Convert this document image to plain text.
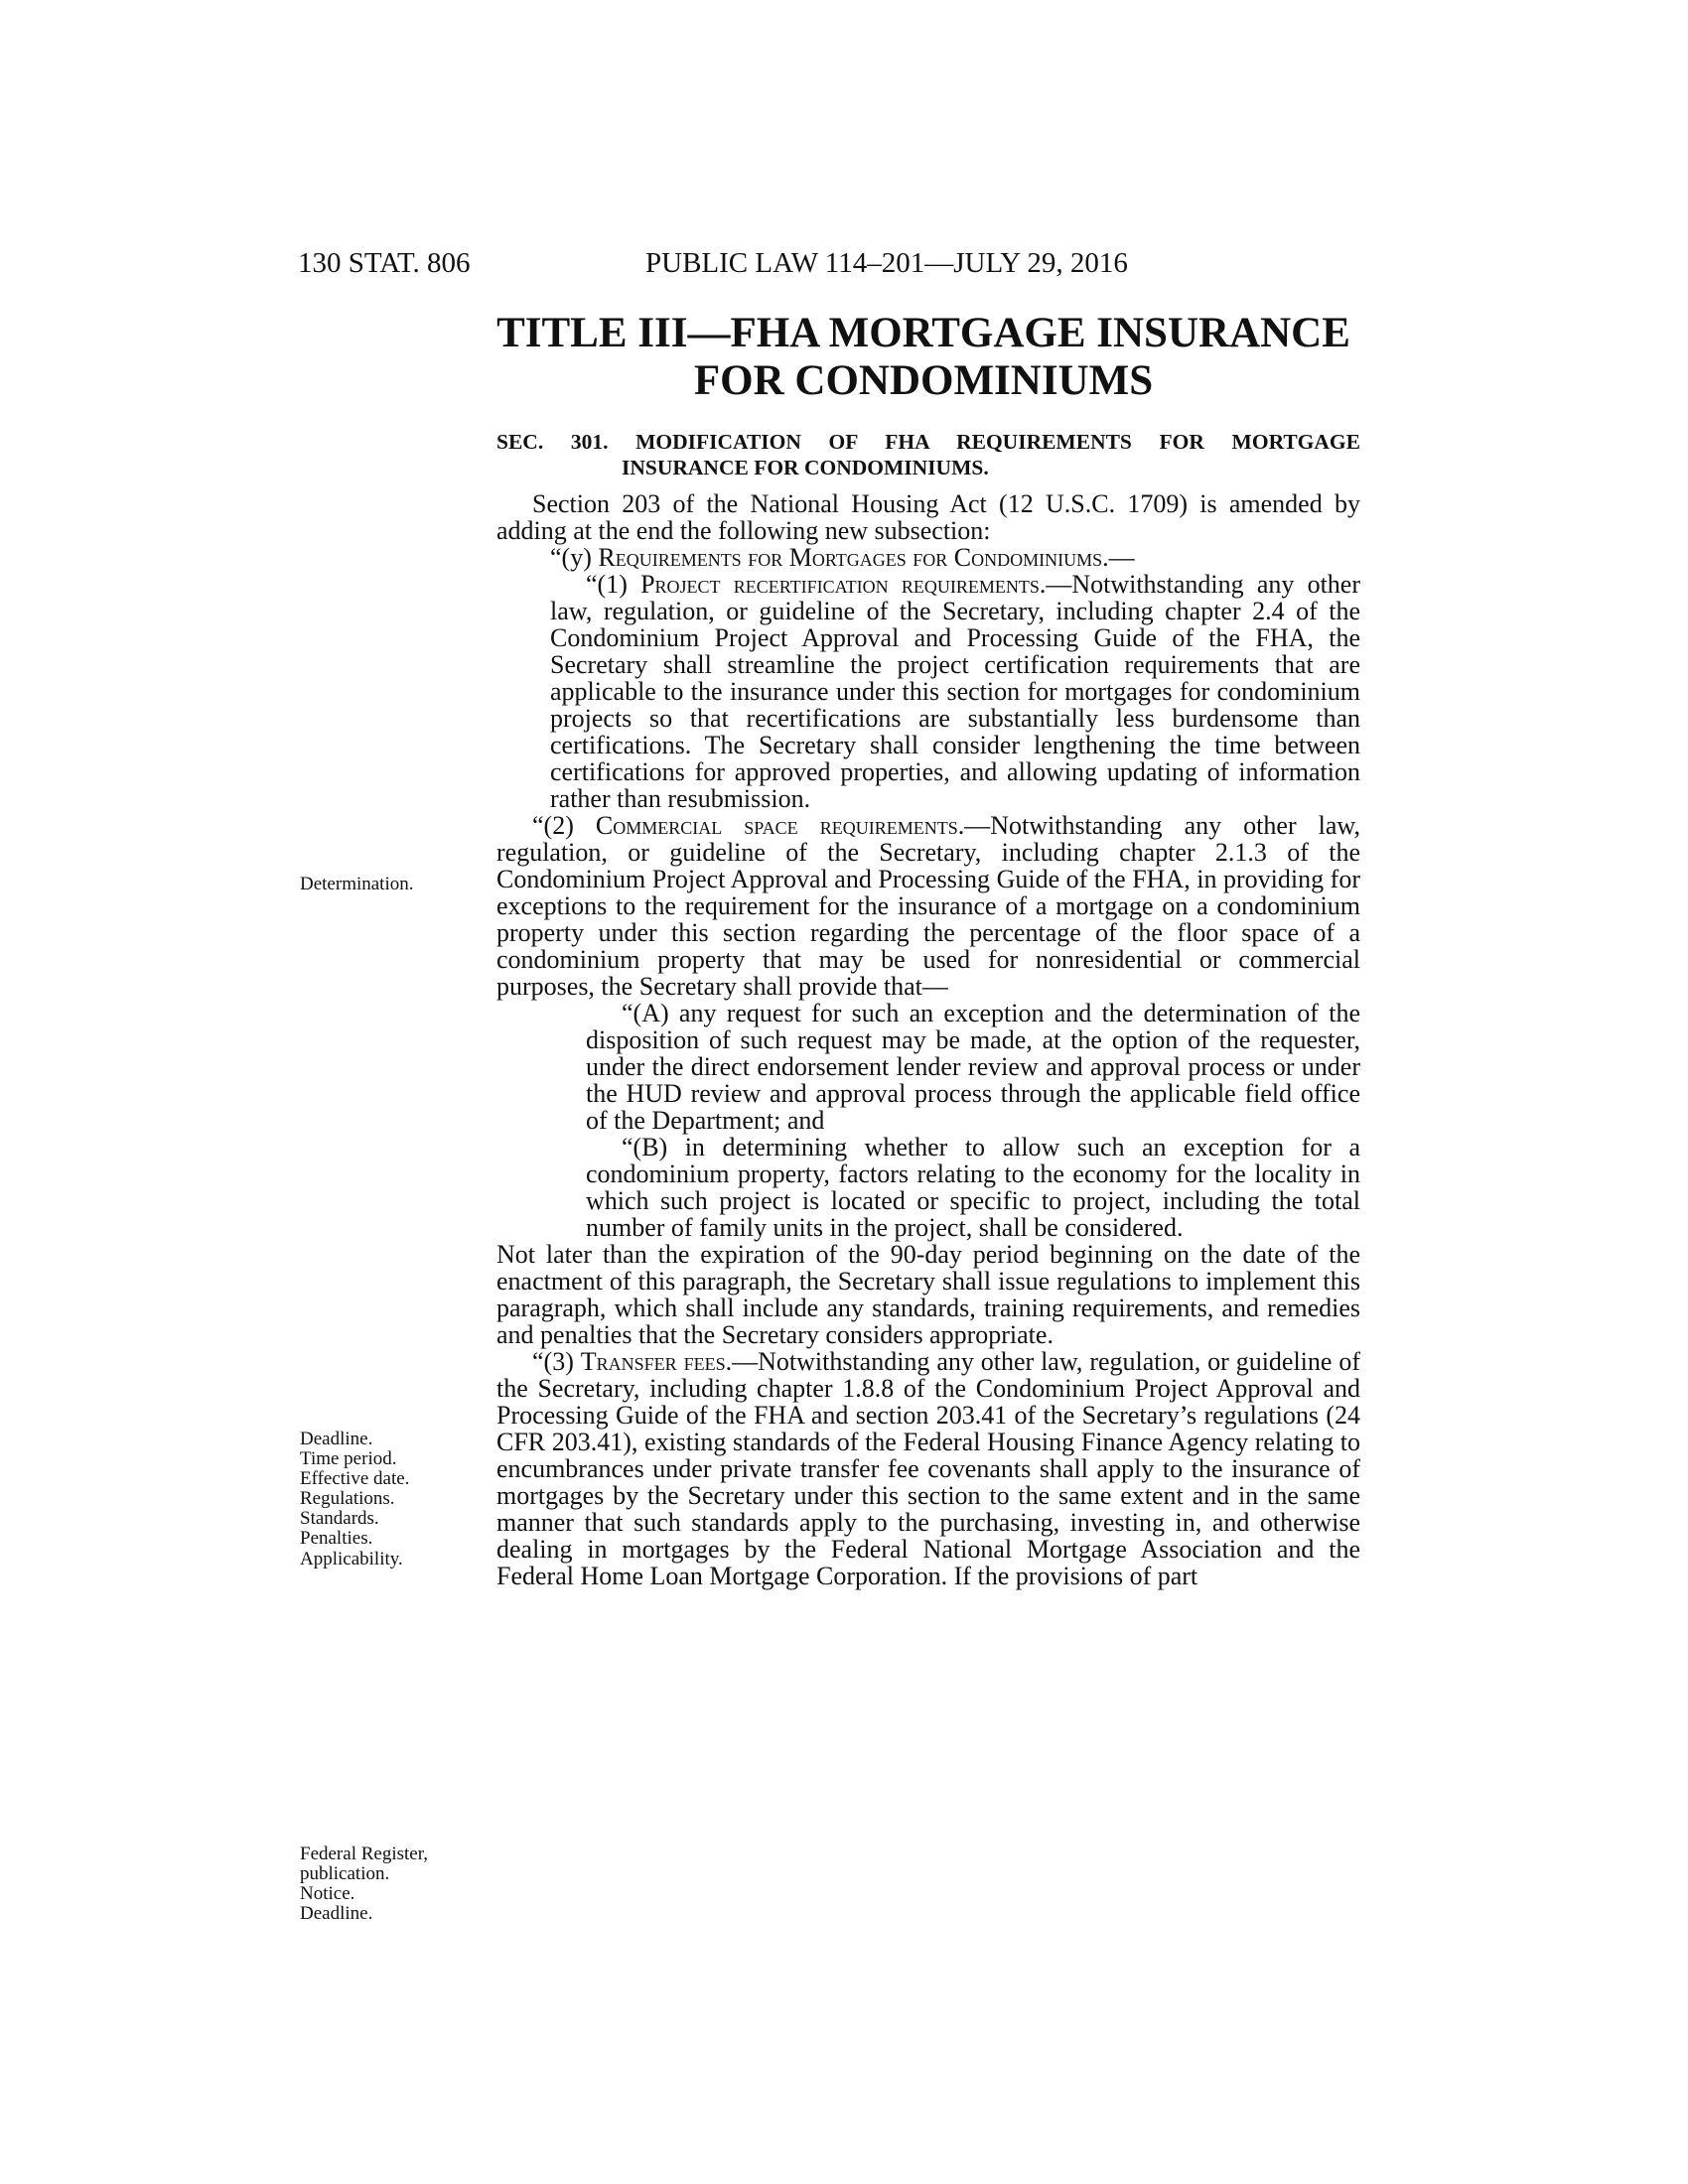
130 STAT. 806	PUBLIC LAW 114–201—JULY 29, 2016
TITLE III—FHA MORTGAGE INSURANCE
FOR CONDOMINIUMS
SEC. 301. MODIFICATION OF FHA REQUIREMENTS FOR MORTGAGE
INSURANCE FOR CONDOMINIUMS.

Section 203 of the National Housing Act (12 U.S.C. 1709) is amended by adding at the end the following new subsection:

“(y) Requirements for Mortgages for Condominiums.—

“(1) Project recertification requirements.—Notwithstanding any other law, regulation, or guideline of the Secretary, including chapter 2.4 of the Condominium Project Approval and Processing Guide of the FHA, the Secretary shall streamline the project certification requirements that are applicable to the insurance under this section for mortgages for condominium projects so that recertifications are substantially less burdensome than certifications. The Secretary shall consider lengthening the time between certifications for approved properties, and allowing updating of information rather than resubmission.

“(2) Commercial space requirements.—Notwithstanding any other law, regulation, or guideline of the Secretary, including chapter 2.1.3 of the Condominium Project Approval and Processing Guide of the FHA, in providing for exceptions to the requirement for the insurance of a mortgage on a condominium property under this section regarding the percentage of the floor space of a condominium property that may be used for nonresidential or commercial purposes, the Secretary shall provide that—

“(A) any request for such an exception and the determination of the disposition of such request may be made, at the option of the requester, under the direct endorsement lender review and approval process or under the HUD review and approval process through the applicable field office of the Department; and

“(B) in determining whether to allow such an exception for a condominium property, factors relating to the economy for the locality in which such project is located or specific to project, including the total number of family units in the project, shall be considered.

Not later than the expiration of the 90-day period beginning on the date of the enactment of this paragraph, the Secretary shall issue regulations to implement this paragraph, which shall include any standards, training requirements, and remedies and penalties that the Secretary considers appropriate.

“(3) Transfer fees.—Notwithstanding any other law, regulation, or guideline of the Secretary, including chapter 1.8.8 of the Condominium Project Approval and Processing Guide of the FHA and section 203.41 of the Secretary’s regulations (24 CFR 203.41), existing standards of the Federal Housing Finance Agency relating to encumbrances under private transfer fee covenants shall apply to the insurance of mortgages by the Secretary under this section to the same extent and in the same manner that such standards apply to the purchasing, investing in, and otherwise dealing in mortgages by the Federal National Mortgage Association and the Federal Home Loan Mortgage Corporation. If the provisions of part

Determination.
Deadline.
Time period.
Effective date.
Regulations.
Standards.
Penalties.
Applicability.
Federal Register,
publication.
Notice.
Deadline.
